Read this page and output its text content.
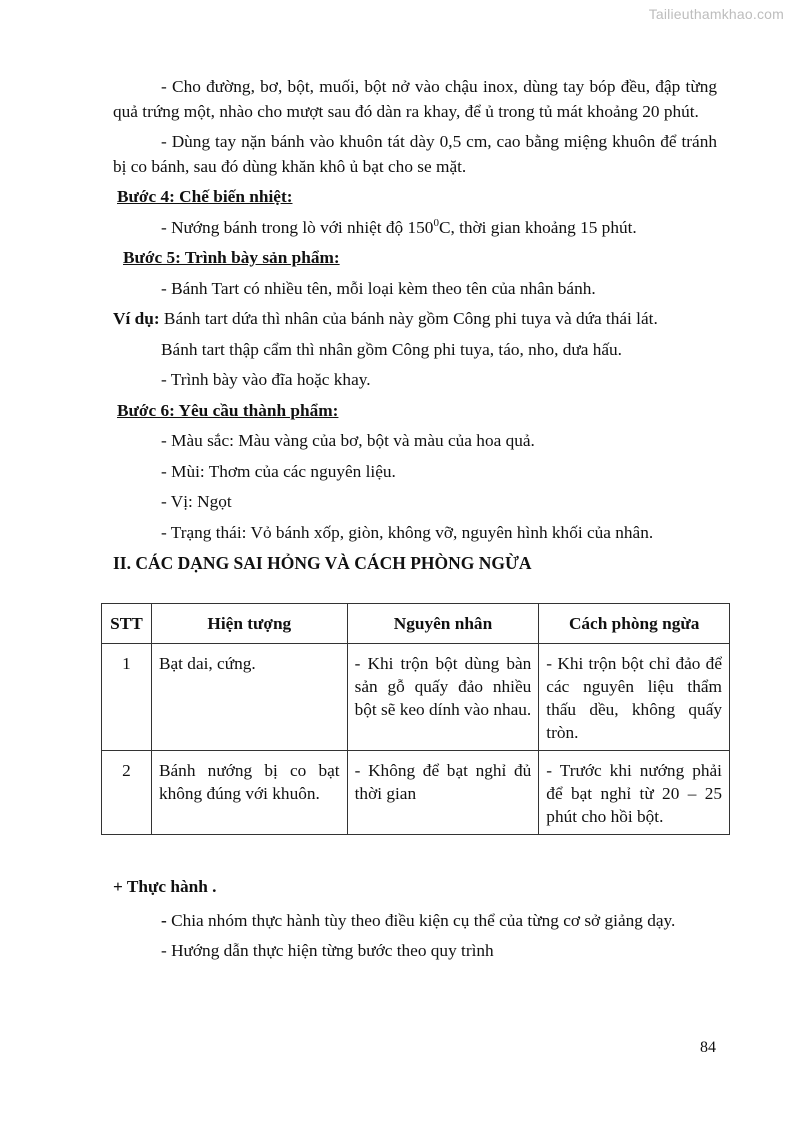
Tailieuthamkhao.com

- Cho đường, bơ, bột, muối, bột nở vào chậu inox, dùng tay bóp đều, đập từng quả trứng một, nhào cho mượt sau đó dàn ra khay, để ủ trong tủ mát khoảng 20 phút.

- Dùng tay nặn bánh vào khuôn tát dày 0,5 cm, cao bằng miệng khuôn để tránh bị co bánh, sau đó dùng khăn khô ủ bạt cho se mặt.

Bước 4: Chế biến nhiệt:

- Nướng bánh trong lò với nhiệt độ $150^0C$, thời gian khoảng 15 phút.

Bước 5: Trình bày sản phẩm:

- Bánh Tart có nhiều tên, mỗi loại kèm theo tên của nhân bánh.

Ví dụ: Bánh tart dứa thì nhân của bánh này gồm Công phi tuya và dứa thái lát.

Bánh tart thập cẩm thì nhân gồm Công phi tuya, táo, nho, dưa hấu.

- Trình bày vào đĩa hoặc khay.

Bước 6: Yêu cầu thành phẩm:

- Màu sắc: Màu vàng của bơ, bột và màu của hoa quả.

- Mùi: Thơm của các nguyên liệu.

- Vị: Ngọt

- Trạng thái: Vỏ bánh xốp, giòn, không vỡ, nguyên hình khối của nhân.

II. CÁC DẠNG SAI HỎNG VÀ CÁCH PHÒNG NGỪA

STT	Hiện tượng	Nguyên nhân	Cách phòng ngừa
1	Bạt dai, cứng.	- Khi trộn bột dùng bàn sản gỗ quấy đảo nhiều bột sẽ keo dính vào nhau.	- Khi trộn bột chỉ đảo để các nguyên liệu thẩm thấu dều, không quấy tròn.
2	Bánh nướng bị co bạt không đúng với khuôn.	- Không để bạt nghỉ đủ thời gian	- Trước khi nướng phải để bạt nghỉ từ 20 – 25 phút cho hồi bột.

+ Thực hành .

- Chia nhóm thực hành tùy theo điều kiện cụ thể của từng cơ sở giảng dạy.

- Hướng dẫn thực hiện từng bước theo quy trình

84
